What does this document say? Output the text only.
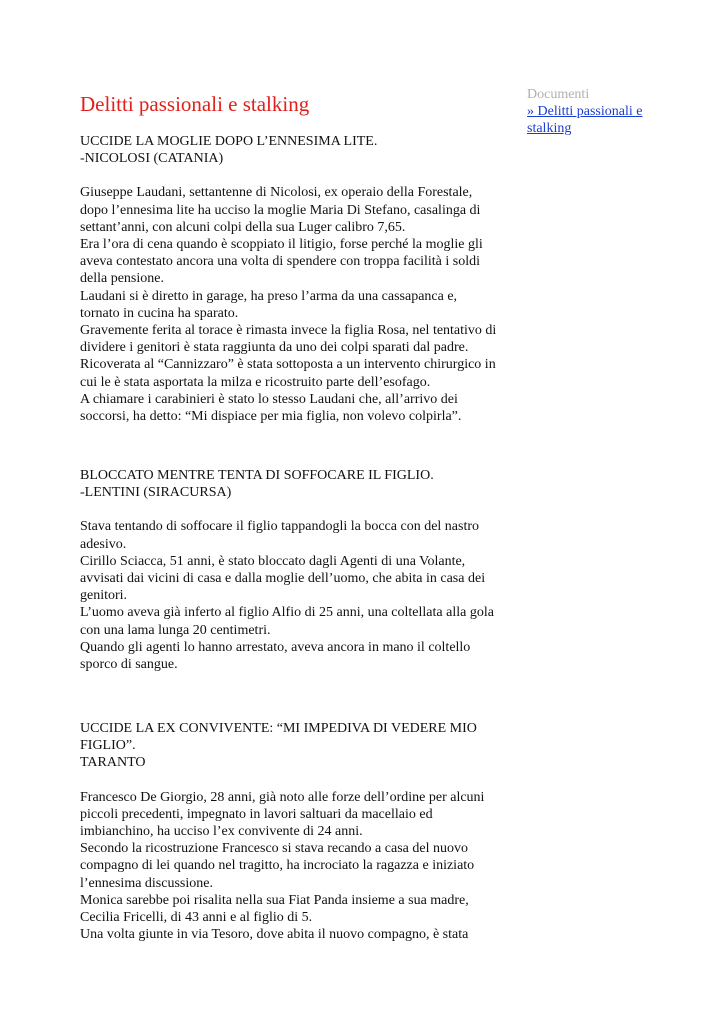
Delitti passionali e stalking	Documenti
» Delitti passionali e
stalking
UCCIDE LA MOGLIE DOPO L’ENNESIMA LITE.
-NICOLOSI (CATANIA)
Giuseppe Laudani, settantenne di Nicolosi, ex operaio della Forestale,
dopo l’ennesima lite ha ucciso la moglie Maria Di Stefano, casalinga di
settant’anni, con alcuni colpi della sua Luger calibro 7,65.
Era l’ora di cena quando è scoppiato il litigio, forse perché la moglie gli
aveva contestato ancora una volta di spendere con troppa facilità i soldi
della pensione.
Laudani si è diretto in garage, ha preso l’arma da una cassapanca e,
tornato in cucina ha sparato.
Gravemente ferita al torace è rimasta invece la figlia Rosa, nel tentativo di
dividere i genitori è stata raggiunta da uno dei colpi sparati dal padre.
Ricoverata al “Cannizzaro” è stata sottoposta a un intervento chirurgico in
cui le è stata asportata la milza e ricostruito parte dell’esofago.
A chiamare i carabinieri è stato lo stesso Laudani che, all’arrivo dei
soccorsi, ha detto: “Mi dispiace per mia figlia, non volevo colpirla”.
BLOCCATO MENTRE TENTA DI SOFFOCARE IL FIGLIO.
-LENTINI (SIRACURSA)
Stava tentando di soffocare il figlio tappandogli la bocca con del nastro
adesivo.
Cirillo Sciacca, 51 anni, è stato bloccato dagli Agenti di una Volante,
avvisati dai vicini di casa e dalla moglie dell’uomo, che abita in casa dei
genitori.
L’uomo aveva già inferto al figlio Alfio di 25 anni, una coltellata alla gola
con una lama lunga 20 centimetri.
Quando gli agenti lo hanno arrestato, aveva ancora in mano il coltello
sporco di sangue.
UCCIDE LA EX CONVIVENTE: “MI IMPEDIVA DI VEDERE MIO
FIGLIO”.
TARANTO
Francesco De Giorgio, 28 anni, già noto alle forze dell’ordine per alcuni
piccoli precedenti, impegnato in lavori saltuari da macellaio ed
imbianchino, ha ucciso l’ex convivente di 24 anni.
Secondo la ricostruzione Francesco si stava recando a casa del nuovo
compagno di lei quando nel tragitto, ha incrociato la ragazza e iniziato
l’ennesima discussione.
Monica sarebbe poi risalita nella sua Fiat Panda insieme a sua madre,
Cecilia Fricelli, di 43 anni e al figlio di 5.
Una volta giunte in via Tesoro, dove abita il nuovo compagno, è stata
